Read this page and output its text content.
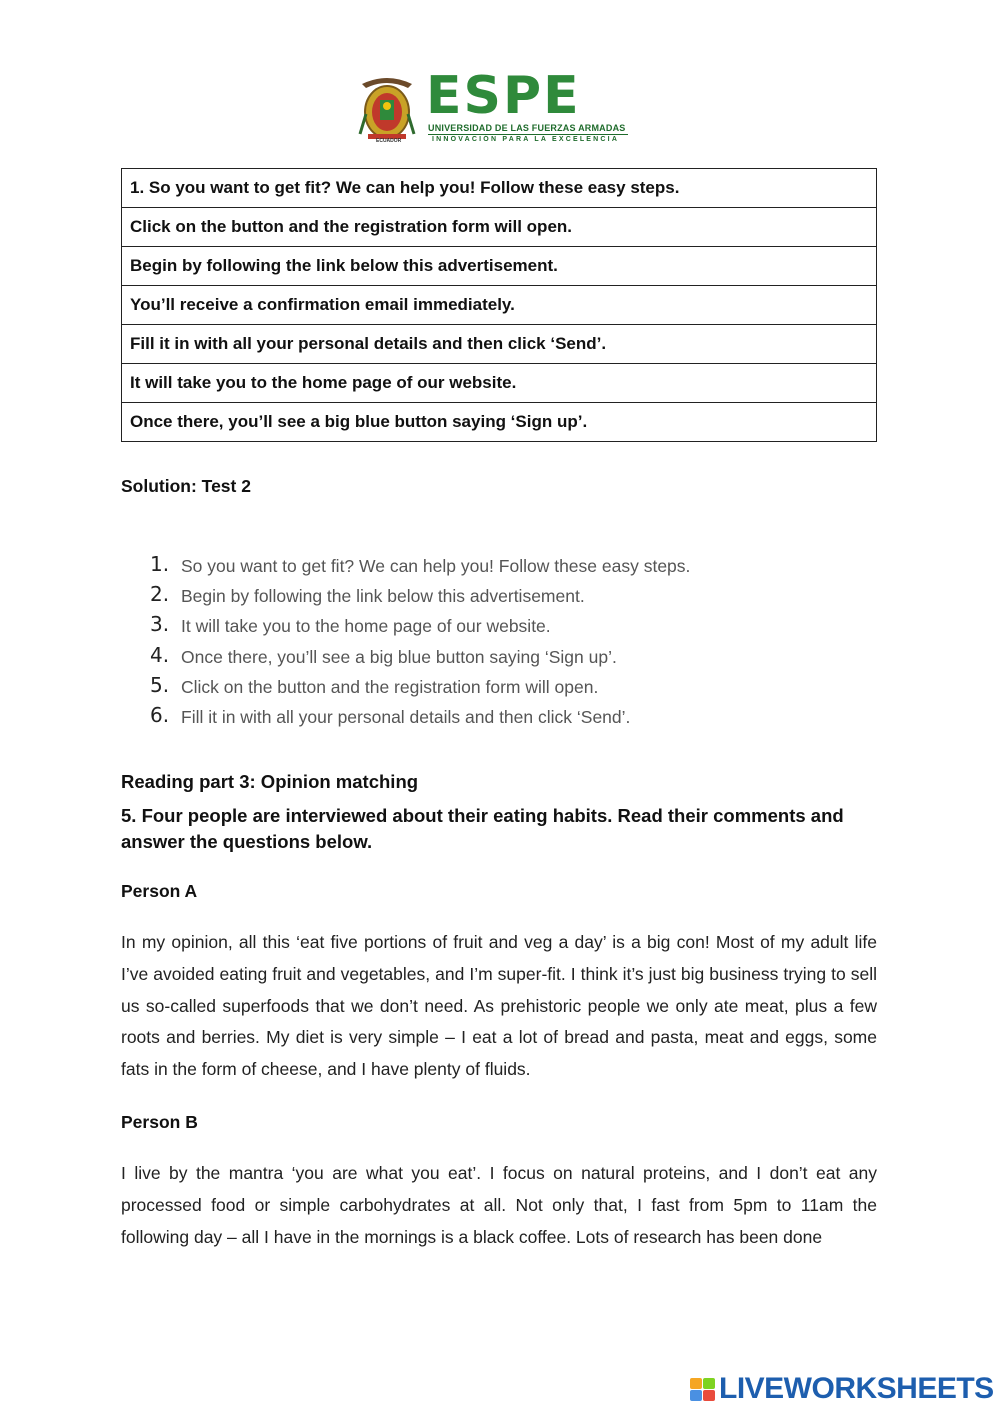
ECUADOR
ESPE
UNIVERSIDAD DE LAS FUERZAS ARMADAS
INNOVACIÓN PARA LA EXCELENCIA
1. So you want to get fit? We can help you! Follow these easy steps.
Click on the button and the registration form will open.
Begin by following the link below this advertisement.
You’ll receive a confirmation email immediately.
Fill it in with all your personal details and then click ‘Send’.
It will take you to the home page of our website.
Once there, you’ll see a big blue button saying ‘Sign up’.
Solution: Test 2
1. So you want to get fit? We can help you! Follow these easy steps.
2. Begin by following the link below this advertisement.
3. It will take you to the home page of our website.
4. Once there, you’ll see a big blue button saying ‘Sign up’.
5. Click on the button and the registration form will open.
6. Fill it in with all your personal details and then click ‘Send’.
Reading part 3: Opinion matching
5. Four people are interviewed about their eating habits. Read their comments and answer the questions below.
Person A
In my opinion, all this ‘eat five portions of fruit and veg a day’ is a big con! Most of my adult life I’ve avoided eating fruit and vegetables, and I’m super-fit. I think it’s just big business trying to sell us so-called superfoods that we don’t need. As prehistoric people we only ate meat, plus a few roots and berries. My diet is very simple – I eat a lot of bread and pasta, meat and eggs, some fats in the form of cheese, and I have plenty of fluids.
Person B
I live by the mantra ‘you are what you eat’. I focus on natural proteins, and I don’t eat any processed food or simple carbohydrates at all. Not only that, I fast from 5pm to 11am the following day – all I have in the mornings is a black coffee. Lots of research has been done
LIVEWORKSHEETS
